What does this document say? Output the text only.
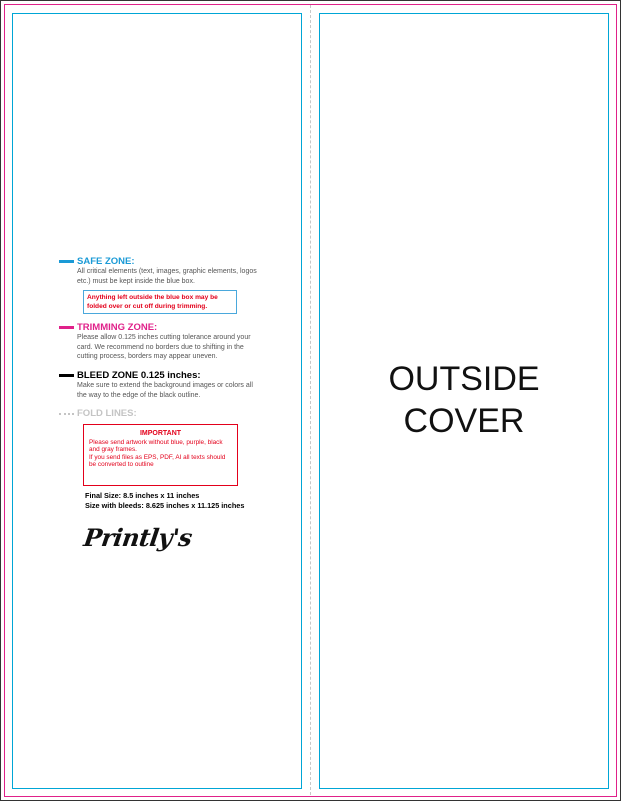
SAFE ZONE:
All critical elements (text, images, graphic elements, logos etc.) must be kept inside the blue box.
Anything left outside the blue box may be folded over or cut off during trimming.
TRIMMING ZONE:
Please allow 0.125 inches cutting tolerance around your card. We recommend no borders due to shifting in the cutting process, borders may appear uneven.
BLEED ZONE 0.125 inches:
Make sure to extend the background images or colors all the way to the edge of the black outline.
FOLD LINES:
IMPORTANT
Please send artwork without blue, purple, black and gray frames.
If you send files as EPS, PDF, AI all texts should be converted to outline
Final Size: 8.5 inches x 11 inches
Size with bleeds: 8.625 inches x 11.125 inches
Printly's
OUTSIDE
COVER
